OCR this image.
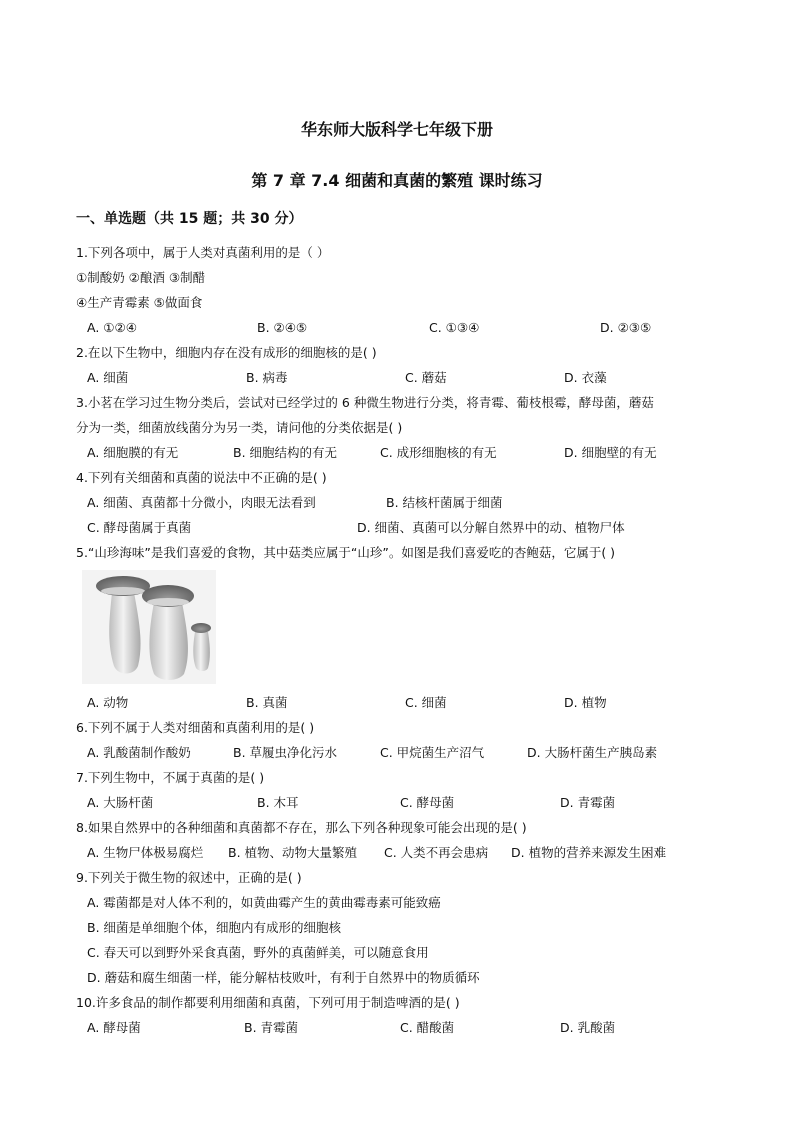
华东师大版科学七年级下册
第 7 章 7.4 细菌和真菌的繁殖 课时练习
一、单选题（共 15 题；共 30 分）
1.下列各项中，属于人类对真菌利用的是（ ）
①制酸奶 ②酿酒 ③制醋
④生产青霉素 ⑤做面食
A. ①②④	B. ②④⑤	C. ①③④	D. ②③⑤
2.在以下生物中，细胞内存在没有成形的细胞核的是( )
A. 细菌	B. 病毒	C. 蘑菇	D. 衣藻
3.小茗在学习过生物分类后，尝试对已经学过的 6 种微生物进行分类，将青霉、葡枝根霉，酵母菌，蘑菇
分为一类，细菌放线菌分为另一类，请问他的分类依据是( )
A. 细胞膜的有无	B. 细胞结构的有无	C. 成形细胞核的有无	D. 细胞壁的有无
4.下列有关细菌和真菌的说法中不正确的是( )
A. 细菌、真菌都十分微小，肉眼无法看到	B. 结核杆菌属于细菌
C. 酵母菌属于真菌	D. 细菌、真菌可以分解自然界中的动、植物尸体
5.“山珍海味”是我们喜爱的食物，其中菇类应属于“山珍”。如图是我们喜爱吃的杏鲍菇，它属于( )
A. 动物	B. 真菌	C. 细菌	D. 植物
6.下列不属于人类对细菌和真菌利用的是( )
A. 乳酸菌制作酸奶	B. 草履虫净化污水	C. 甲烷菌生产沼气	D. 大肠杆菌生产胰岛素
7.下列生物中，不属于真菌的是( )
A. 大肠杆菌	B. 木耳	C. 酵母菌	D. 青霉菌
8.如果自然界中的各种细菌和真菌都不存在，那么下列各种现象可能会出现的是( )
A. 生物尸体极易腐烂 B. 植物、动物大量繁殖 C. 人类不再会患病 D. 植物的营养来源发生困难
9.下列关于微生物的叙述中，正确的是( )
A. 霉菌都是对人体不利的，如黄曲霉产生的黄曲霉毒素可能致癌
B. 细菌是单细胞个体，细胞内有成形的细胞核
C. 春天可以到野外采食真菌，野外的真菌鲜美，可以随意食用
D. 蘑菇和腐生细菌一样，能分解枯枝败叶，有利于自然界中的物质循环
10.许多食品的制作都要利用细菌和真菌，下列可用于制造啤酒的是( )
A. 酵母菌	B. 青霉菌	C. 醋酸菌	D. 乳酸菌
